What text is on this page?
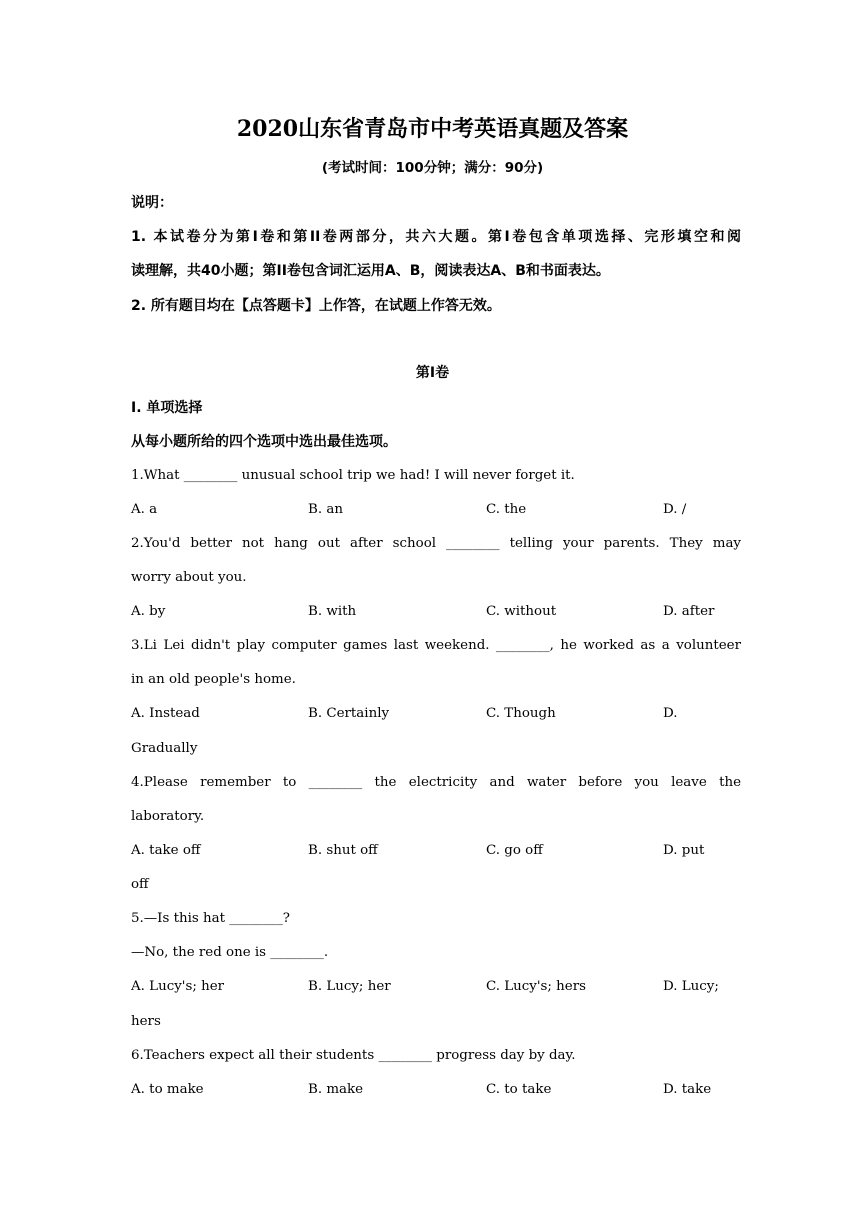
2020山东省青岛市中考英语真题及答案
(考试时间：100分钟；满分：90分)
说明：
1. 本试卷分为第Ⅰ卷和第II卷两部分，共六大题。第Ⅰ卷包含单项选择、完形填空和阅
读理解，共40小题；第II卷包含词汇运用A、B，阅读表达A、B和书面表达。
2. 所有题目均在【点答题卡】上作答，在试题上作答无效。
第Ⅰ卷
I. 单项选择
从每小题所给的四个选项中选出最佳选项。
1.What ________ unusual school trip we had! I will never forget it.
A. a	B. an	C. the	D. /
2.You'd better not hang out after school ________ telling your parents. They may
worry about you.
A. by	B. with	C. without	D. after
3.Li Lei didn't play computer games last weekend. ________, he worked as a volunteer
in an old people's home.
A. Instead	B. Certainly	C. Though	D.
Gradually
4.Please remember to ________ the electricity and water before you leave the
laboratory.
A. take off	B. shut off	C. go off	D. put
off
5.—Is this hat ________?
—No, the red one is ________.
A. Lucy's; her	B. Lucy; her	C. Lucy's; hers	D. Lucy;
hers
6.Teachers expect all their students ________ progress day by day.
A. to make	B. make	C. to take	D. take
